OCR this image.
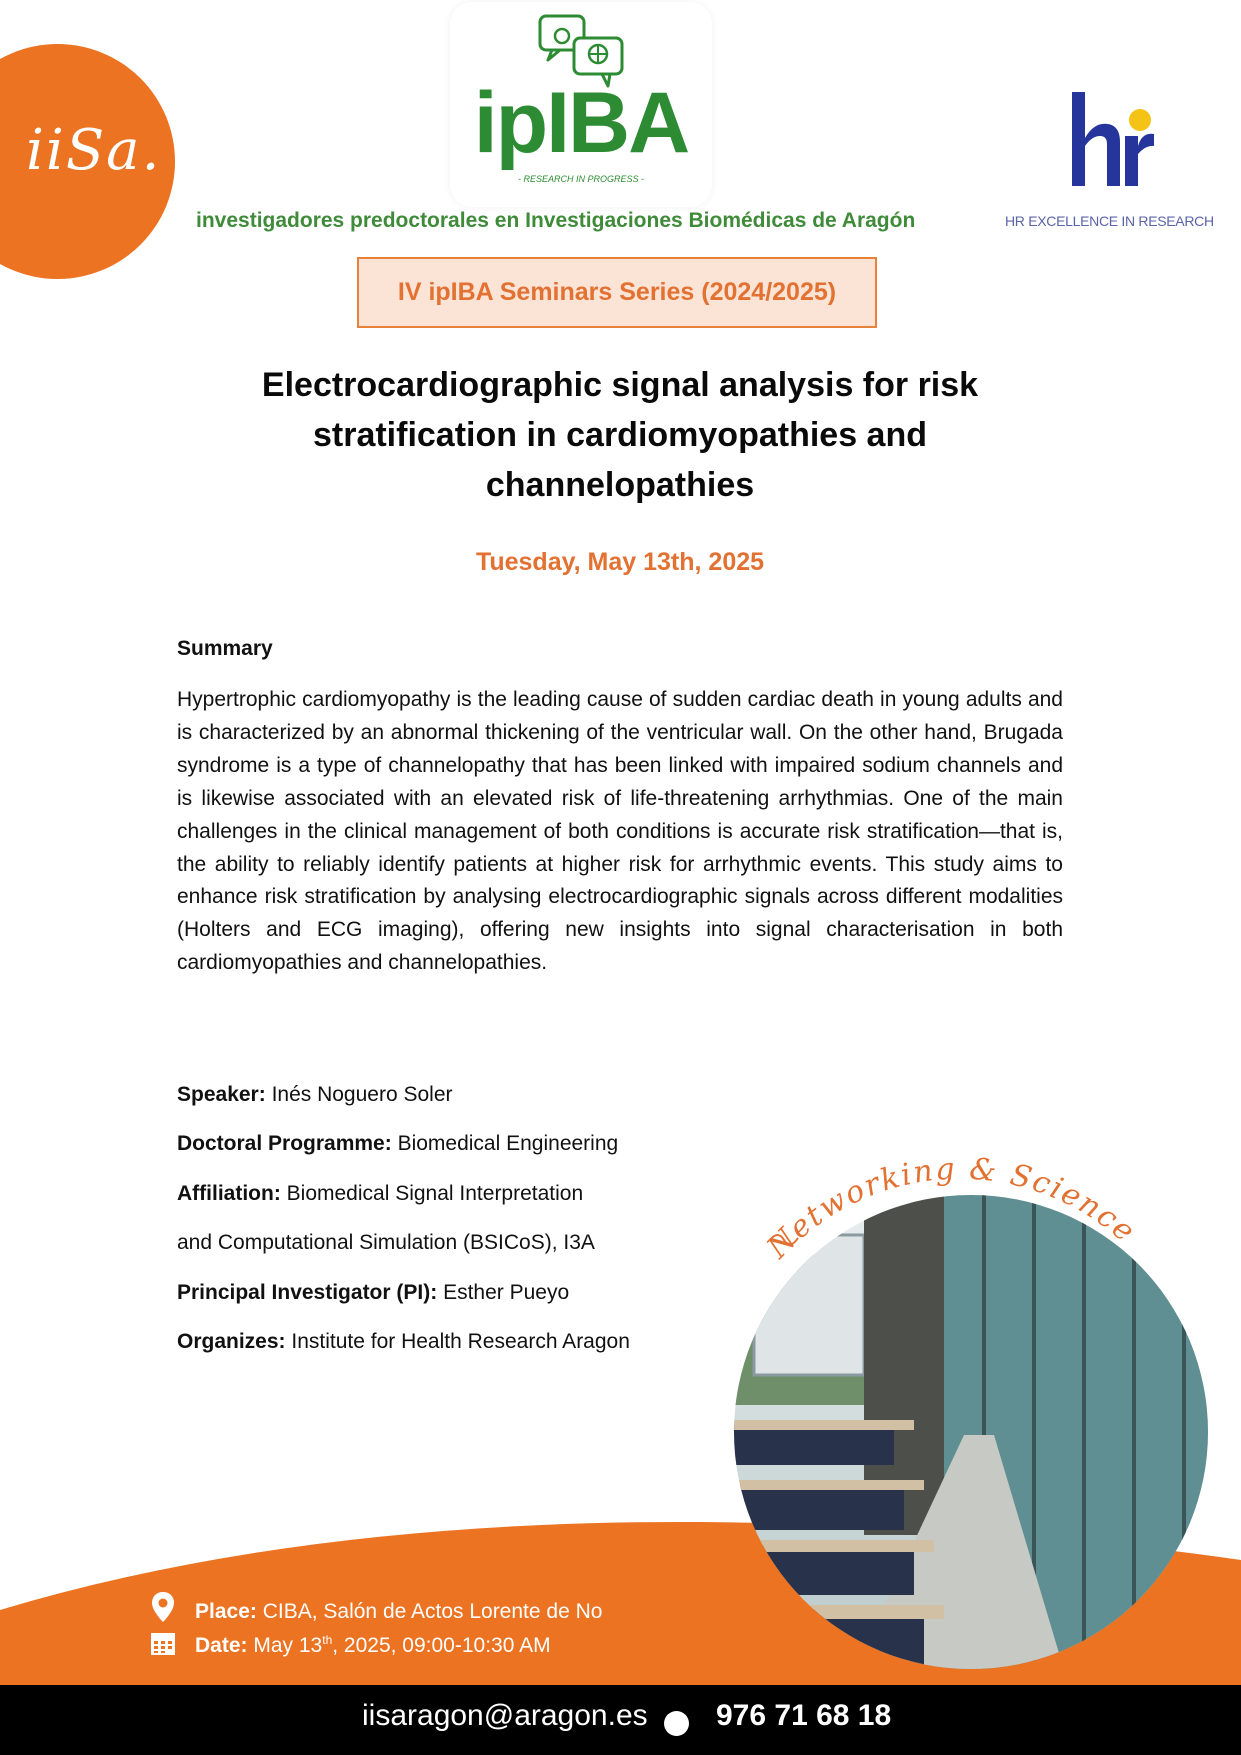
iiSa.	ipIBA
- RESEARCH IN PROGRESS -
investigadores predoctorales en Investigaciones Biomédicas de Aragón	HR EXCELLENCE IN RESEARCH
IV ipIBA Seminars Series (2024/2025)
Electrocardiographic signal analysis for risk stratification in cardiomyopathies and channelopathies
Tuesday, May 13th, 2025
Summary
Hypertrophic cardiomyopathy is the leading cause of sudden cardiac death in young adults and is characterized by an abnormal thickening of the ventricular wall. On the other hand, Brugada syndrome is a type of channelopathy that has been linked with impaired sodium channels and is likewise associated with an elevated risk of life-threatening arrhythmias. One of the main challenges in the clinical management of both conditions is accurate risk stratification—that is, the ability to reliably identify patients at higher risk for arrhythmic events. This study aims to enhance risk stratification by analysing electrocardiographic signals across different modalities (Holters and ECG imaging), offering new insights into signal characterisation in both cardiomyopathies and channelopathies.
Speaker: Inés Noguero Soler
Doctoral Programme: Biomedical Engineering
Affiliation: Biomedical Signal Interpretation
and Computational Simulation (BSICoS), I3A
Principal Investigator (PI): Esther Pueyo
Organizes: Institute for Health Research Aragon
Networking & Science
Place: CIBA, Salón de Actos Lorente de No
Date: May 13th, 2025, 09:00-10:30 AM
iisaragon@aragon.es 976 71 68 18
